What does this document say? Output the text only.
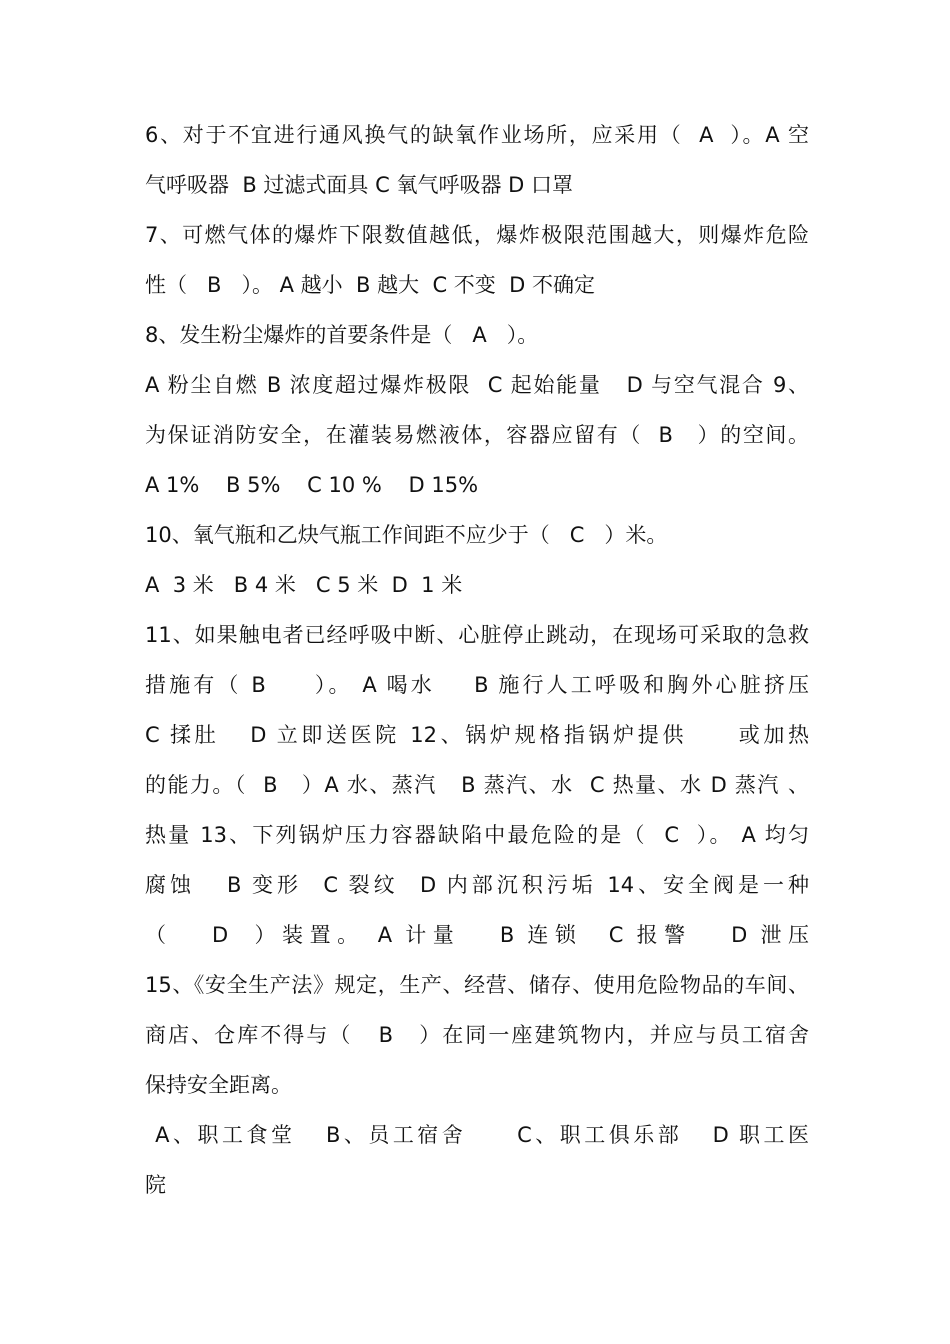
6、对于不宜进行通风换气的缺氧作业场所，应采用（  A  ）。A 空
气呼吸器  B 过滤式面具 C 氧气呼吸器 D 口罩
7、可燃气体的爆炸下限数值越低，爆炸极限范围越大，则爆炸危险
性（   B   ）。 A 越小  B 越大  C 不变  D 不确定
8、发生粉尘爆炸的首要条件是（   A   ）。
A 粉尘自燃 B 浓度超过爆炸极限  C 起始能量   D 与空气混合 9、
为保证消防安全，在灌装易燃液体，容器应留有（  B   ）的空间。
A 1%    B 5%    C 10 %    D 15%
10、氧气瓶和乙炔气瓶工作间距不应少于（   C   ）米。
A  3 米   B 4 米   C 5 米  D  1 米
11、如果触电者已经呼吸中断、心脏停止跳动，在现场可采取的急救
措施有（ B     ）。 A 喝水    B 施行人工呼吸和胸外心脏挤压
C 揉肚   D 立即送医院 12、锅炉规格指锅炉提供     或加热
的能力。（  B   ）A 水、蒸汽   B 蒸汽、水  C 热量、水 D 蒸汽 、
热量 13、下列锅炉压力容器缺陷中最危险的是（  C  ）。 A 均匀
腐蚀   B 变形  C 裂纹  D 内部沉积污垢 14、安全阀是一种
（   D  ）装置。 A 计量   B 连锁  C 报警   D 泄压
15、《安全生产法》规定，生产、经营、储存、使用危险物品的车间、
商店、仓库不得与（   B   ）在同一座建筑物内，并应与员工宿舍
保持安全距离。
A、职工食堂   B、员工宿舍     C、职工俱乐部   D 职工医
院
